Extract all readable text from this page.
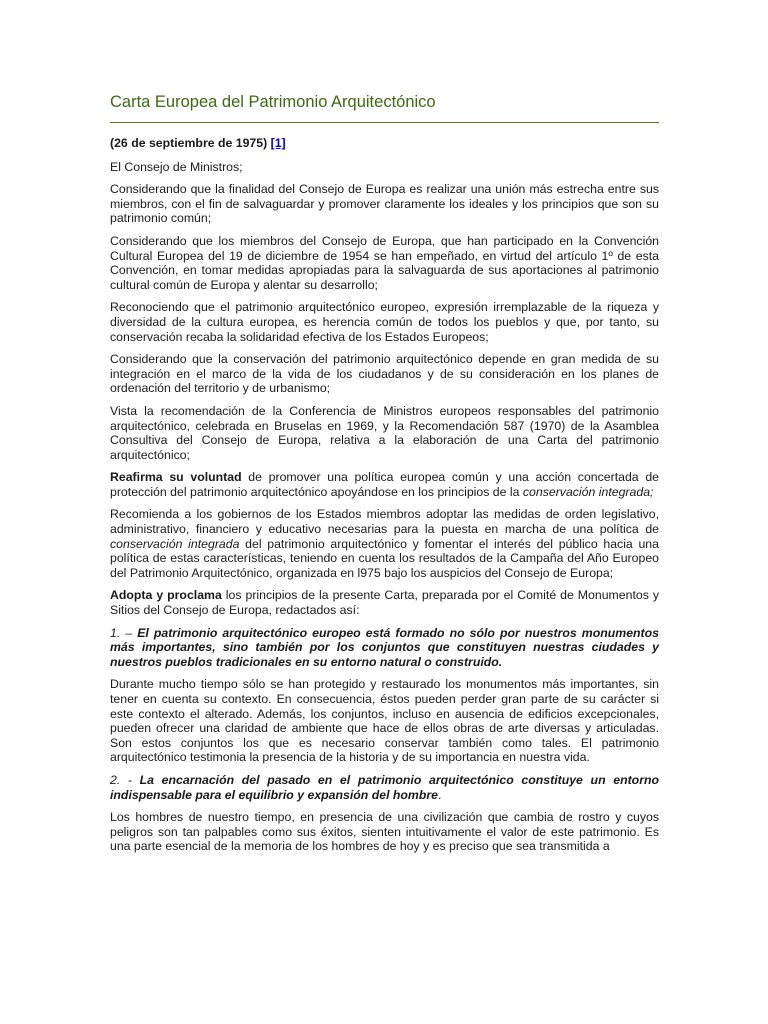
Carta Europea del Patrimonio Arquitectónico
(26 de septiembre de 1975) [1]

El Consejo de Ministros;

Considerando que la finalidad del Consejo de Europa es realizar una unión más estrecha entre sus miembros, con el fin de salvaguardar y promover claramente los ideales y los principios que son su patrimonio común;

Considerando que los miembros del Consejo de Europa, que han participado en la Convención Cultural Europea del 19 de diciembre de 1954 se han empeñado, en virtud del artículo 1º de esta Convención, en tomar medidas apropiadas para la salvaguarda de sus aportaciones al patrimonio cultural común de Europa y alentar su desarrollo;

Reconociendo que el patrimonio arquitectónico europeo, expresión irremplazable de la riqueza y diversidad de la cultura europea, es herencia común de todos los pueblos y que, por tanto, su conservación recaba la solidaridad efectiva de los Estados Europeos;

Considerando que la conservación del patrimonio arquitectónico depende en gran medida de su integración en el marco de la vida de los ciudadanos y de su consideración en los planes de ordenación del territorio y de urbanismo;

Vista la recomendación de la Conferencia de Ministros europeos responsables del patrimonio arquitectónico, celebrada en Bruselas en 1969, y la Recomendación 587 (1970) de la Asamblea Consultiva del Consejo de Europa, relativa a la elaboración de una Carta del patrimonio arquitectónico;

Reafirma su voluntad de promover una política europea común y una acción concertada de protección del patrimonio arquitectónico apoyándose en los principios de la conservación integrada;

Recomienda a los gobiernos de los Estados miembros adoptar las medidas de orden legislativo, administrativo, financiero y educativo necesarias para la puesta en marcha de una política de conservación integrada del patrimonio arquitectónico y fomentar el interés del público hacia una política de estas características, teniendo en cuenta los resultados de la Campaña del Año Europeo del Patrimonio Arquitectónico, organizada en l975 bajo los auspicios del Consejo de Europa;

Adopta y proclama los principios de la presente Carta, preparada por el Comité de Monumentos y Sitios del Consejo de Europa, redactados así:

1. – El patrimonio arquitectónico europeo está formado no sólo por nuestros monumentos más importantes, sino también por los conjuntos que constituyen nuestras ciudades y nuestros pueblos tradicionales en su entorno natural o construido.

Durante mucho tiempo sólo se han protegido y restaurado los monumentos más importantes, sin tener en cuenta su contexto. En consecuencia, éstos pueden perder gran parte de su carácter si este contexto el alterado. Además, los conjuntos, incluso en ausencia de edificios excepcionales, pueden ofrecer una claridad de ambiente que hace de ellos obras de arte diversas y articuladas. Son estos conjuntos los que es necesario conservar también como tales. El patrimonio arquitectónico testimonia la presencia de la historia y de su importancia en nuestra vida.

2. - La encarnación del pasado en el patrimonio arquitectónico constituye un entorno indispensable para el equilibrio y expansión del hombre.

Los hombres de nuestro tiempo, en presencia de una civilización que cambia de rostro y cuyos peligros son tan palpables como sus éxitos, sienten intuitivamente el valor de este patrimonio. Es una parte esencial de la memoria de los hombres de hoy y es preciso que sea transmitida a
